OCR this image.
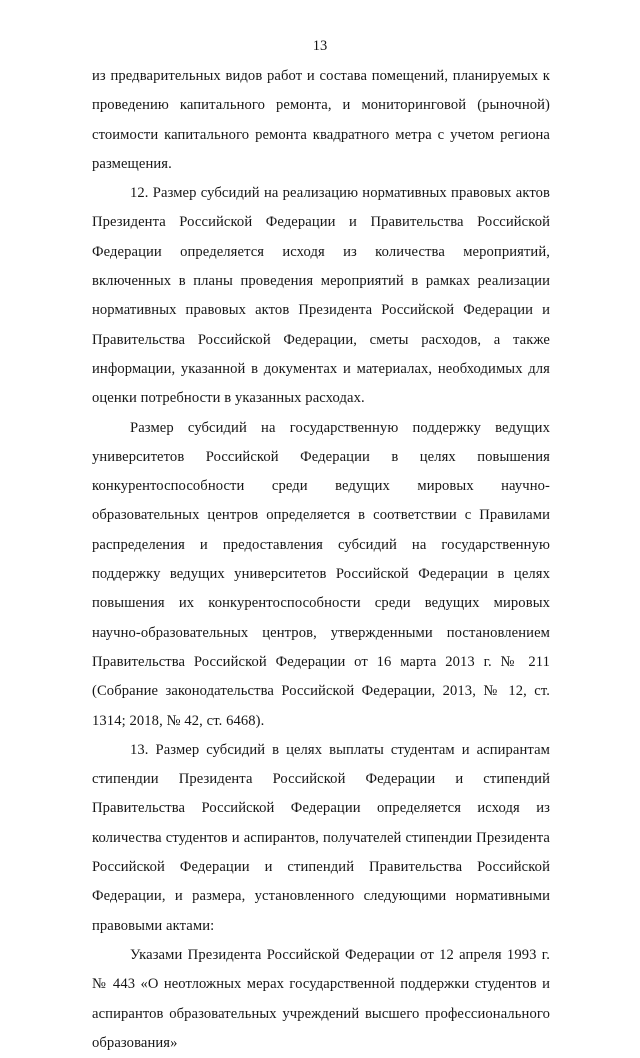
13

из предварительных видов работ и состава помещений, планируемых к проведению капитального ремонта, и мониторинговой (рыночной) стоимости капитального ремонта квадратного метра с учетом региона размещения.

12. Размер субсидий на реализацию нормативных правовых актов Президента Российской Федерации и Правительства Российской Федерации определяется исходя из количества мероприятий, включенных в планы проведения мероприятий в рамках реализации нормативных правовых актов Президента Российской Федерации и Правительства Российской Федерации, сметы расходов, а также информации, указанной в документах и материалах, необходимых для оценки потребности в указанных расходах.

Размер субсидий на государственную поддержку ведущих университетов Российской Федерации в целях повышения конкурентоспособности среди ведущих мировых научно-образовательных центров определяется в соответствии с Правилами распределения и предоставления субсидий на государственную поддержку ведущих университетов Российской Федерации в целях повышения их конкурентоспособности среди ведущих мировых научно-образовательных центров, утвержденными постановлением Правительства Российской Федерации от 16 марта 2013 г. № 211 (Собрание законодательства Российской Федерации, 2013, № 12, ст. 1314; 2018, № 42, ст. 6468).

13. Размер субсидий в целях выплаты студентам и аспирантам стипендии Президента Российской Федерации и стипендий Правительства Российской Федерации определяется исходя из количества студентов и аспирантов, получателей стипендии Президента Российской Федерации и стипендий Правительства Российской Федерации, и размера, установленного следующими нормативными правовыми актами:

Указами Президента Российской Федерации от 12 апреля 1993 г. № 443 «О неотложных мерах государственной поддержки студентов и аспирантов образовательных учреждений высшего профессионального образования»
